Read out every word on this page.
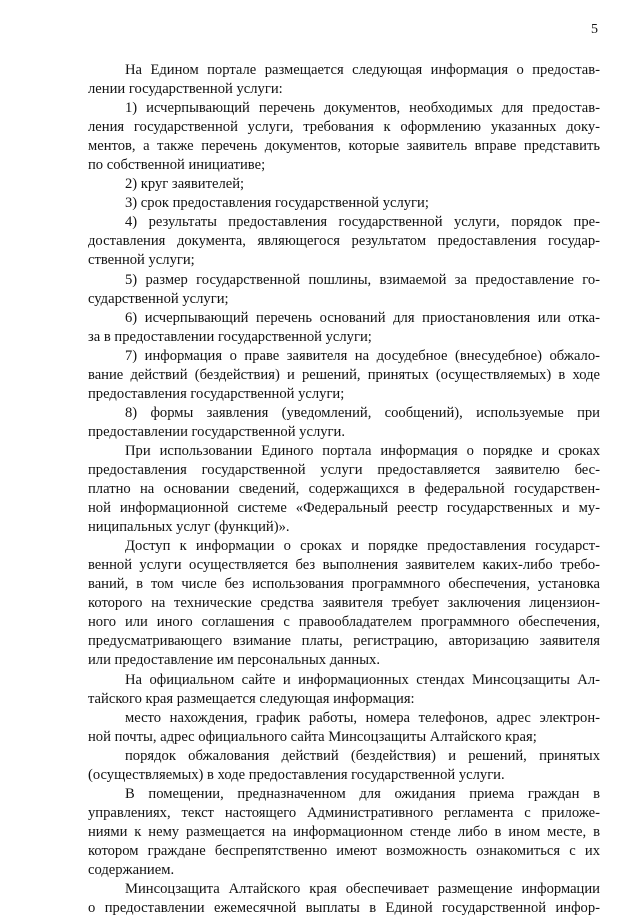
5
На Едином портале размещается следующая информация о предостав-
лении государственной услуги:
1) исчерпывающий перечень документов, необходимых для предостав-
ления государственной услуги, требования к оформлению указанных доку-
ментов, а также перечень документов, которые заявитель вправе представить
по собственной инициативе;
2) круг заявителей;
3) срок предоставления государственной услуги;
4) результаты предоставления государственной услуги, порядок пре-
доставления документа, являющегося результатом предоставления государ-
ственной услуги;
5) размер государственной пошлины, взимаемой за предоставление го-
сударственной услуги;
6) исчерпывающий перечень оснований для приостановления или отка-
за в предоставлении государственной услуги;
7) информация о праве заявителя на досудебное (внесудебное) обжало-
вание действий (бездействия) и решений, принятых (осуществляемых) в ходе
предоставления государственной услуги;
8) формы заявления (уведомлений, сообщений), используемые при
предоставлении государственной услуги.
При использовании Единого портала информация о порядке и сроках
предоставления государственной услуги предоставляется заявителю бес-
платно на основании сведений, содержащихся в федеральной государствен-
ной информационной системе «Федеральный реестр государственных и му-
ниципальных услуг (функций)».
Доступ к информации о сроках и порядке предоставления государст-
венной услуги осуществляется без выполнения заявителем каких-либо требо-
ваний, в том числе без использования программного обеспечения, установка
которого на технические средства заявителя требует заключения лицензион-
ного или иного соглашения с правообладателем программного обеспечения,
предусматривающего взимание платы, регистрацию, авторизацию заявителя
или предоставление им персональных данных.
На официальном сайте и информационных стендах Минсоцзащиты Ал-
тайского края размещается следующая информация:
место нахождения, график работы, номера телефонов, адрес электрон-
ной почты, адрес официального сайта Минсоцзащиты Алтайского края;
порядок обжалования действий (бездействия) и решений, принятых
(осуществляемых) в ходе предоставления государственной услуги.
В помещении, предназначенном для ожидания приема граждан в
управлениях, текст настоящего Административного регламента с приложе-
ниями к нему размещается на информационном стенде либо в ином месте, в
котором граждане беспрепятственно имеют возможность ознакомиться с их
содержанием.
Минсоцзащита Алтайского края обеспечивает размещение информации
о предоставлении ежемесячной выплаты в Единой государственной инфор-
